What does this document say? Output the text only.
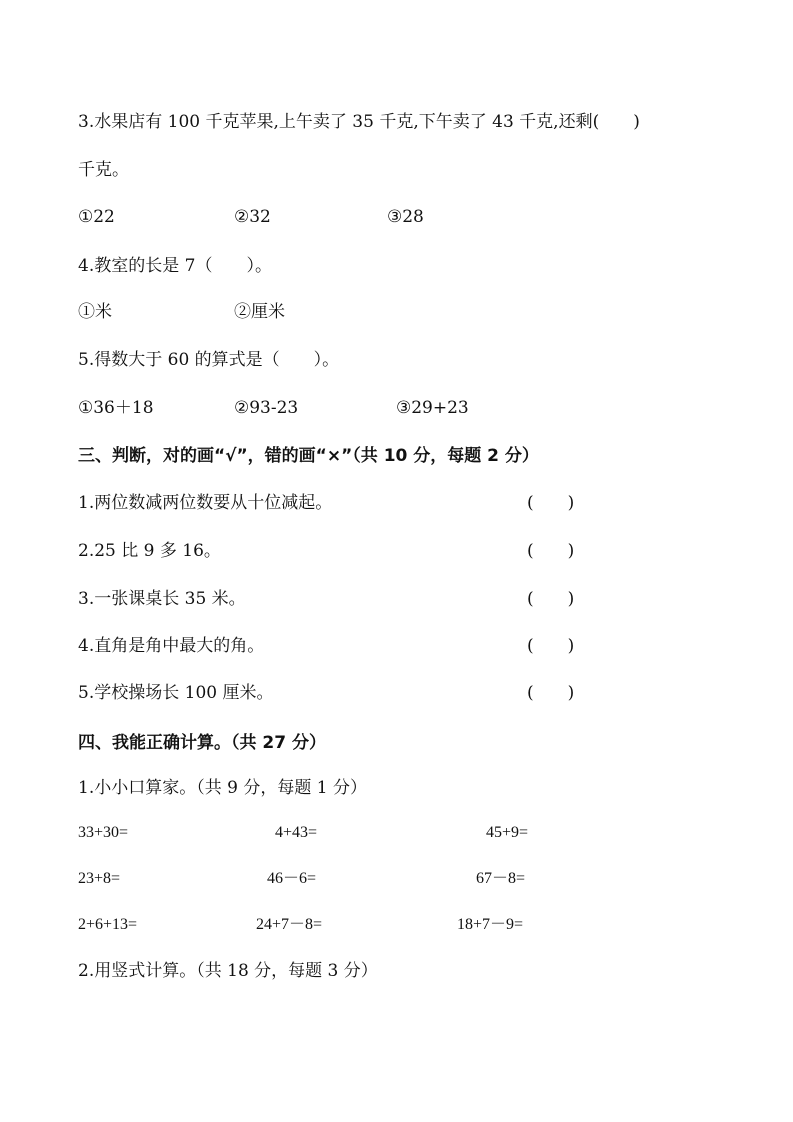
3.水果店有 100 千克苹果,上午卖了 35 千克,下午卖了 43 千克,还剩(　　)
千克。
①22	②32	③28
4.教室的长是 7（　　）。
①米	②厘米
5.得数大于 60 的算式是（　　）。
①36＋18	②93-23	③29+23
三、判断，对的画“√”，错的画“×”（共 10 分，每题 2 分）
1.两位数减两位数要从十位减起。	(　　)
2.25 比 9 多 16。	(　　)
3.一张课桌长 35 米。	(　　)
4.直角是角中最大的角。	(　　)
5.学校操场长 100 厘米。	(　　)
四、我能正确计算。（共 27 分）
1.小小口算家。（共 9 分，每题 1 分）
33+30=	4+43=	45+9=
23+8=	46－6=	67－8=
2+6+13=	24+7－8=	18+7－9=
2.用竖式计算。（共 18 分，每题 3 分）
